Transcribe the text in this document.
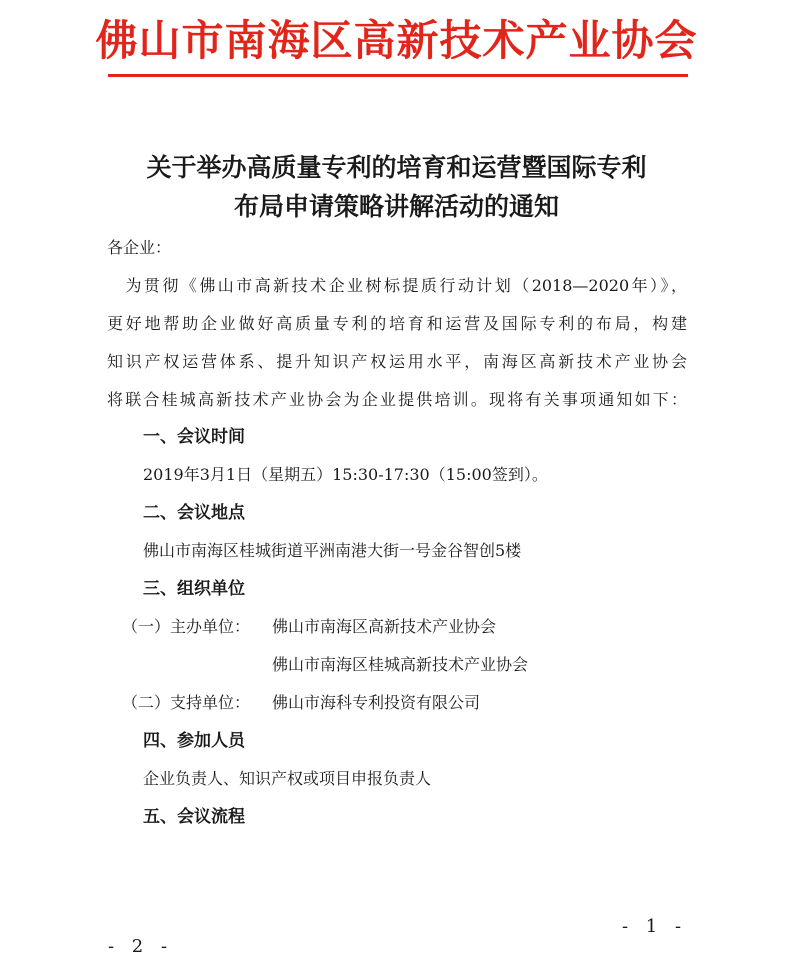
佛山市南海区高新技术产业协会
关于举办高质量专利的培育和运营暨国际专利
布局申请策略讲解活动的通知
各企业：
　为贯彻《佛山市高新技术企业树标提质行动计划（2018—2020年）》，
更好地帮助企业做好高质量专利的培育和运营及国际专利的布局，构建
知识产权运营体系、提升知识产权运用水平，南海区高新技术产业协会
将联合桂城高新技术产业协会为企业提供培训。现将有关事项通知如下：
一、会议时间
2019年3月1日（星期五）15:30-17:30（15:00签到）。
二、会议地点
佛山市南海区桂城街道平洲南港大街一号金谷智创5楼
三、组织单位
（一）主办单位： 佛山市南海区高新技术产业协会
佛山市南海区桂城高新技术产业协会
（二）支持单位： 佛山市海科专利投资有限公司
四、参加人员
企业负责人、知识产权或项目申报负责人
五、会议流程
- 1 -
- 2 -
